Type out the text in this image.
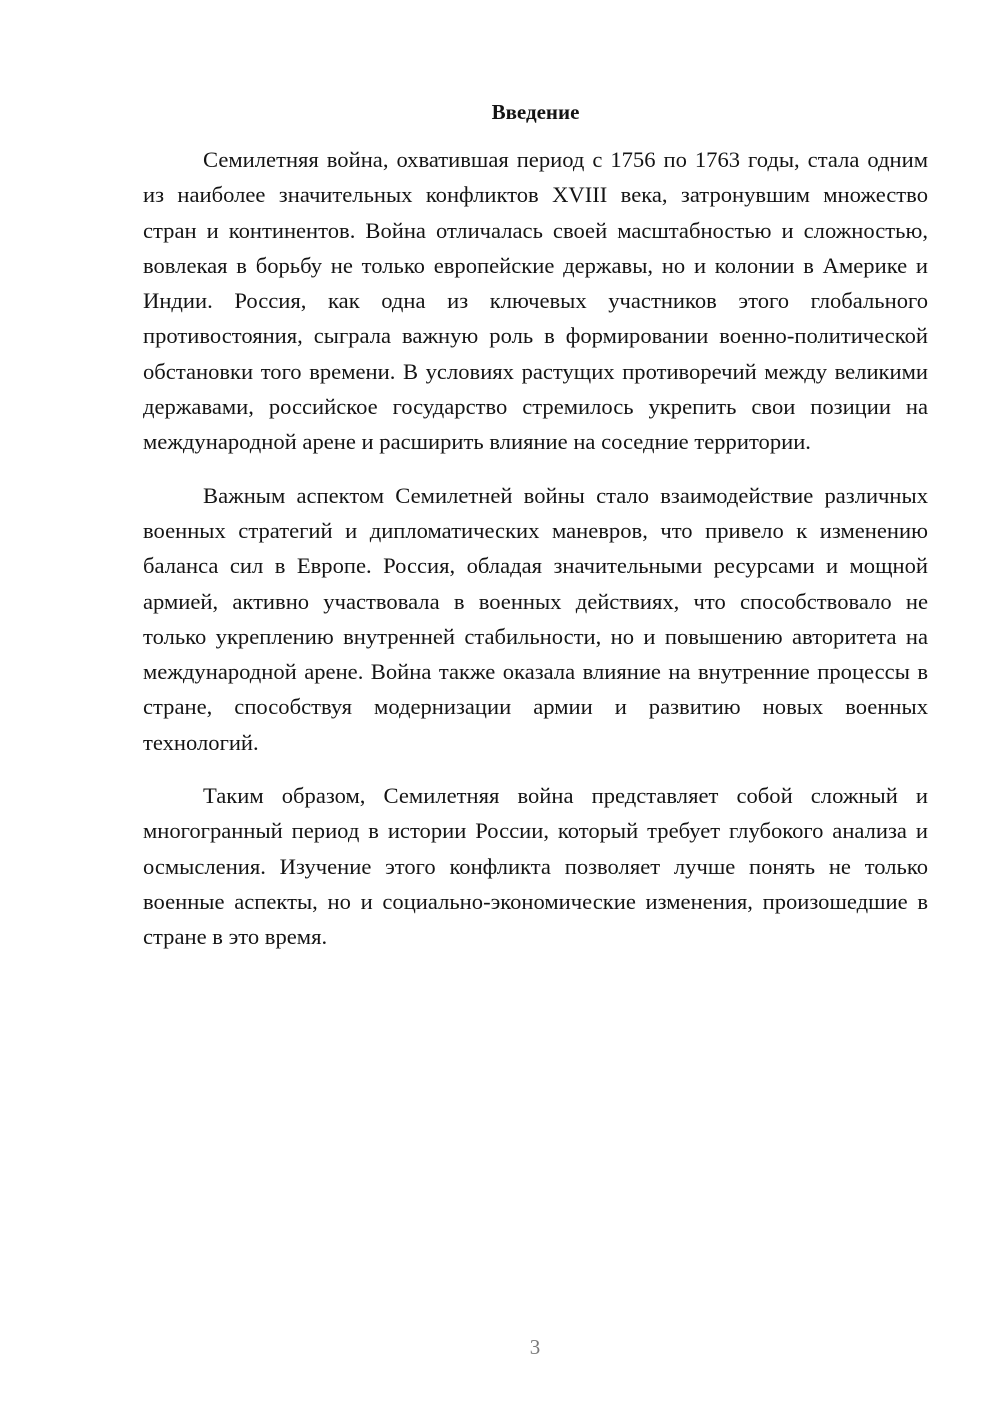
Введение

Семилетняя война, охватившая период с 1756 по 1763 годы, стала одним из наиболее значительных конфликтов XVIII века, затронувшим множество стран и континентов. Война отличалась своей масштабностью и сложностью, вовлекая в борьбу не только европейские державы, но и колонии в Америке и Индии. Россия, как одна из ключевых участников этого глобального противостояния, сыграла важную роль в формировании военно-политической обстановки того времени. В условиях растущих противоречий между великими державами, российское государство стремилось укрепить свои позиции на международной арене и расширить влияние на соседние территории.

Важным аспектом Семилетней войны стало взаимодействие различных военных стратегий и дипломатических маневров, что привело к изменению баланса сил в Европе. Россия, обладая значительными ресурсами и мощной армией, активно участвовала в военных действиях, что способствовало не только укреплению внутренней стабильности, но и повышению авторитета на международной арене. Война также оказала влияние на внутренние процессы в стране, способствуя модернизации армии и развитию новых военных технологий.

Таким образом, Семилетняя война представляет собой сложный и многогранный период в истории России, который требует глубокого анализа и осмысления. Изучение этого конфликта позволяет лучше понять не только военные аспекты, но и социально-экономические изменения, произошедшие в стране в это время.

3
